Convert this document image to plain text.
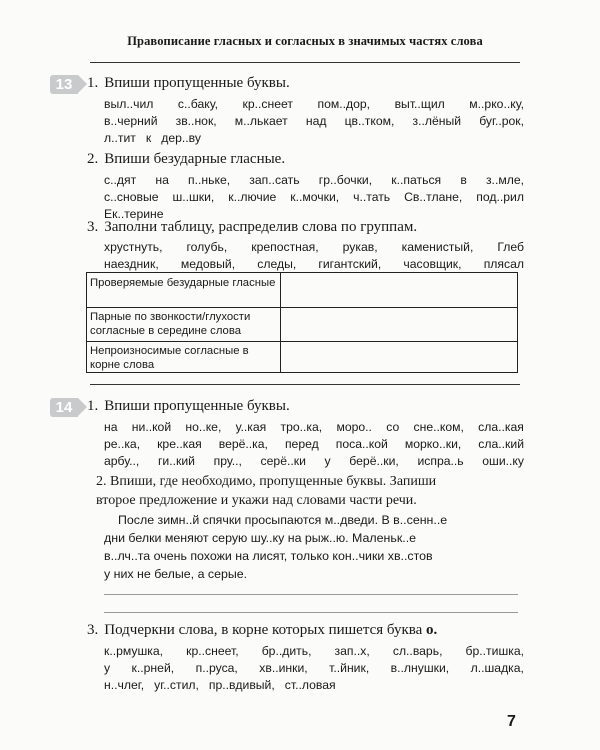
Правописание гласных и согласных в значимых частях слова
13 1. Впиши пропущенные буквы.
выл..чил с..баку, кр..снеет пом..дор, выт..щил м..рко..ку,
в..черний зв..нок, м..лькает над цв..тком, з..лёный буг..рок,
л..тит к дер..ву
2. Впиши безударные гласные.
с..дят на п..ньке, зап..сать гр..бочки, к..паться в з..мле,
с..сновые ш..шки, к..лючие к..мочки, ч..тать Св..тлане, под..рил
Ек..терине
3. Заполни таблицу, распределив слова по группам.
хрустнуть, голубь, крепостная, рукав, каменистый, Глеб
наездник, медовый, следы, гигантский, часовщик, плясал
Проверяемые безударные гласные
Парные по звонкости/глухости согласные в середине слова
Непроизносимые согласные в корне слова
14 1. Впиши пропущенные буквы.
на ни..кой но..ке, у..кая тро..ка, моро.. со сне..ком, сла..кая
ре..ка, кре..кая верё..ка, перед поса..кой морко..ки, сла..кий
арбу.., ги..кий пру.., серё..ки у берё..ки, испра..ь оши..ку
2. Впиши, где необходимо, пропущенные буквы. Запиши
второе предложение и укажи над словами части речи.
После зимн..й спячки просыпаются м..дведи. В в..сенн..е
дни белки меняют серую шу..ку на рыж..ю. Маленьк..е
в..лч..та очень похожи на лисят, только кон..чики хв..стов
у них не белые, а серые.
3. Подчеркни слова, в корне которых пишется буква о.
к..рмушка, кр..снеет, бр..дить, зап..х, сл..варь, бр..тишка,
у к..рней, п..руса, хв..инки, т..йник, в..лнушки, л..шадка,
н..члег, уг..стил, пр..вдивый, ст..ловая
7
